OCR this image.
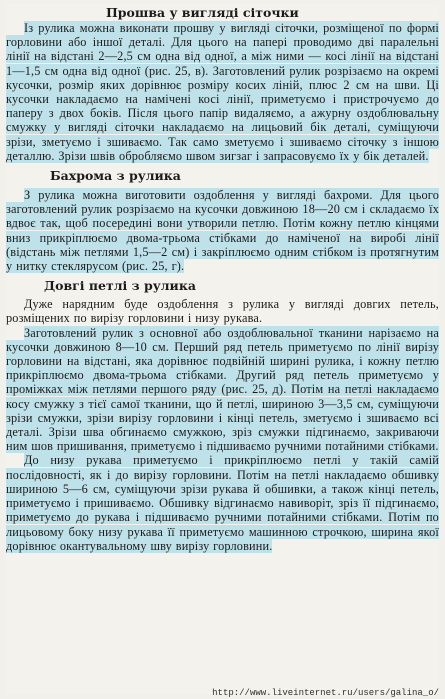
Прошва у вигляді сіточки

Із рулика можна виконати прошву у вигляді сіточки, розміщеної по формі горловини або іншої деталі. Для цього на папері проводимо дві паралельні лінії на відстані 2—2,5 см одна від одної, а між ними — косі лінії на відстані 1—1,5 см одна від одної (рис. 25, в). Заготовлений рулик розрізаємо на окремі кусочки, розмір яких дорівнює розміру косих ліній, плюс 2 см на шви. Ці кусочки накладаємо на намічені косі лінії, приметуємо і пристрочуємо до паперу з двох боків. Після цього папір видаляємо, а ажурну оздоблювальну смужку у вигляді сіточки накладаємо на лицьовий бік деталі, суміщуючи зрізи, зметуємо і зшиваємо. Так само зметуємо і зшиваємо сіточку з іншою деталлю. Зрізи швів обробляємо швом зигзаг і запрасовуємо їх у бік деталей.

Бахрома з рулика

З рулика можна виготовити оздоблення у вигляді бахроми. Для цього заготовлений рулик розрізаємо на кусочки довжиною 18—20 см і складаємо їх вдвоє так, щоб посередині вони утворили петлю. Потім кожну петлю кінцями вниз прикріплюємо двома-трьома стібками до наміченої на виробі лінії (відстань між петлями 1,5—2 см) і закріплюємо одним стібком із протягнутим у нитку стеклярусом (рис. 25, г).

Довгі петлі з рулика

Дуже нарядним буде оздоблення з рулика у вигляді довгих петель, розміщених по вирізу горловини і низу рукава.

Заготовлений рулик з основної або оздоблювальної тканини нарізаємо на кусочки довжиною 8—10 см. Перший ряд петель приметуємо по лінії вирізу горловини на відстані, яка дорівнює подвійній ширині рулика, і кожну петлю прикріплюємо двома-трьома стібками. Другий ряд петель приметуємо у проміжках між петлями першого ряду (рис. 25, д). Потім на петлі накладаємо косу смужку з тієї самої тканини, що й петлі, шириною 3—3,5 см, суміщуючи зрізи смужки, зрізи вирізу горловини і кінці петель, зметуємо і зшиваємо всі деталі. Зрізи шва обгинаємо смужкою, зріз смужки підгинаємо, закриваючи ним шов пришивання, приметуємо і підшиваємо ручними потайними стібками.

До низу рукава приметуємо і прикріплюємо петлі у такій самій послідовності, як і до вирізу горловини. Потім на петлі накладаємо обшивку шириною 5—6 см, суміщуючи зрізи рукава й обшивки, а також кінці петель, приметуємо і пришиваємо. Обшивку відгинаємо навиворіт, зріз її підгинаємо, приметуємо до рукава і підшиваємо ручними потайними стібками. Потім по лицьовому боку низу рукава її приметуємо машинною строчкою, ширина якої дорівнює окантувальному шву вирізу горловини.

http://www.liveinternet.ru/users/galina_o/
